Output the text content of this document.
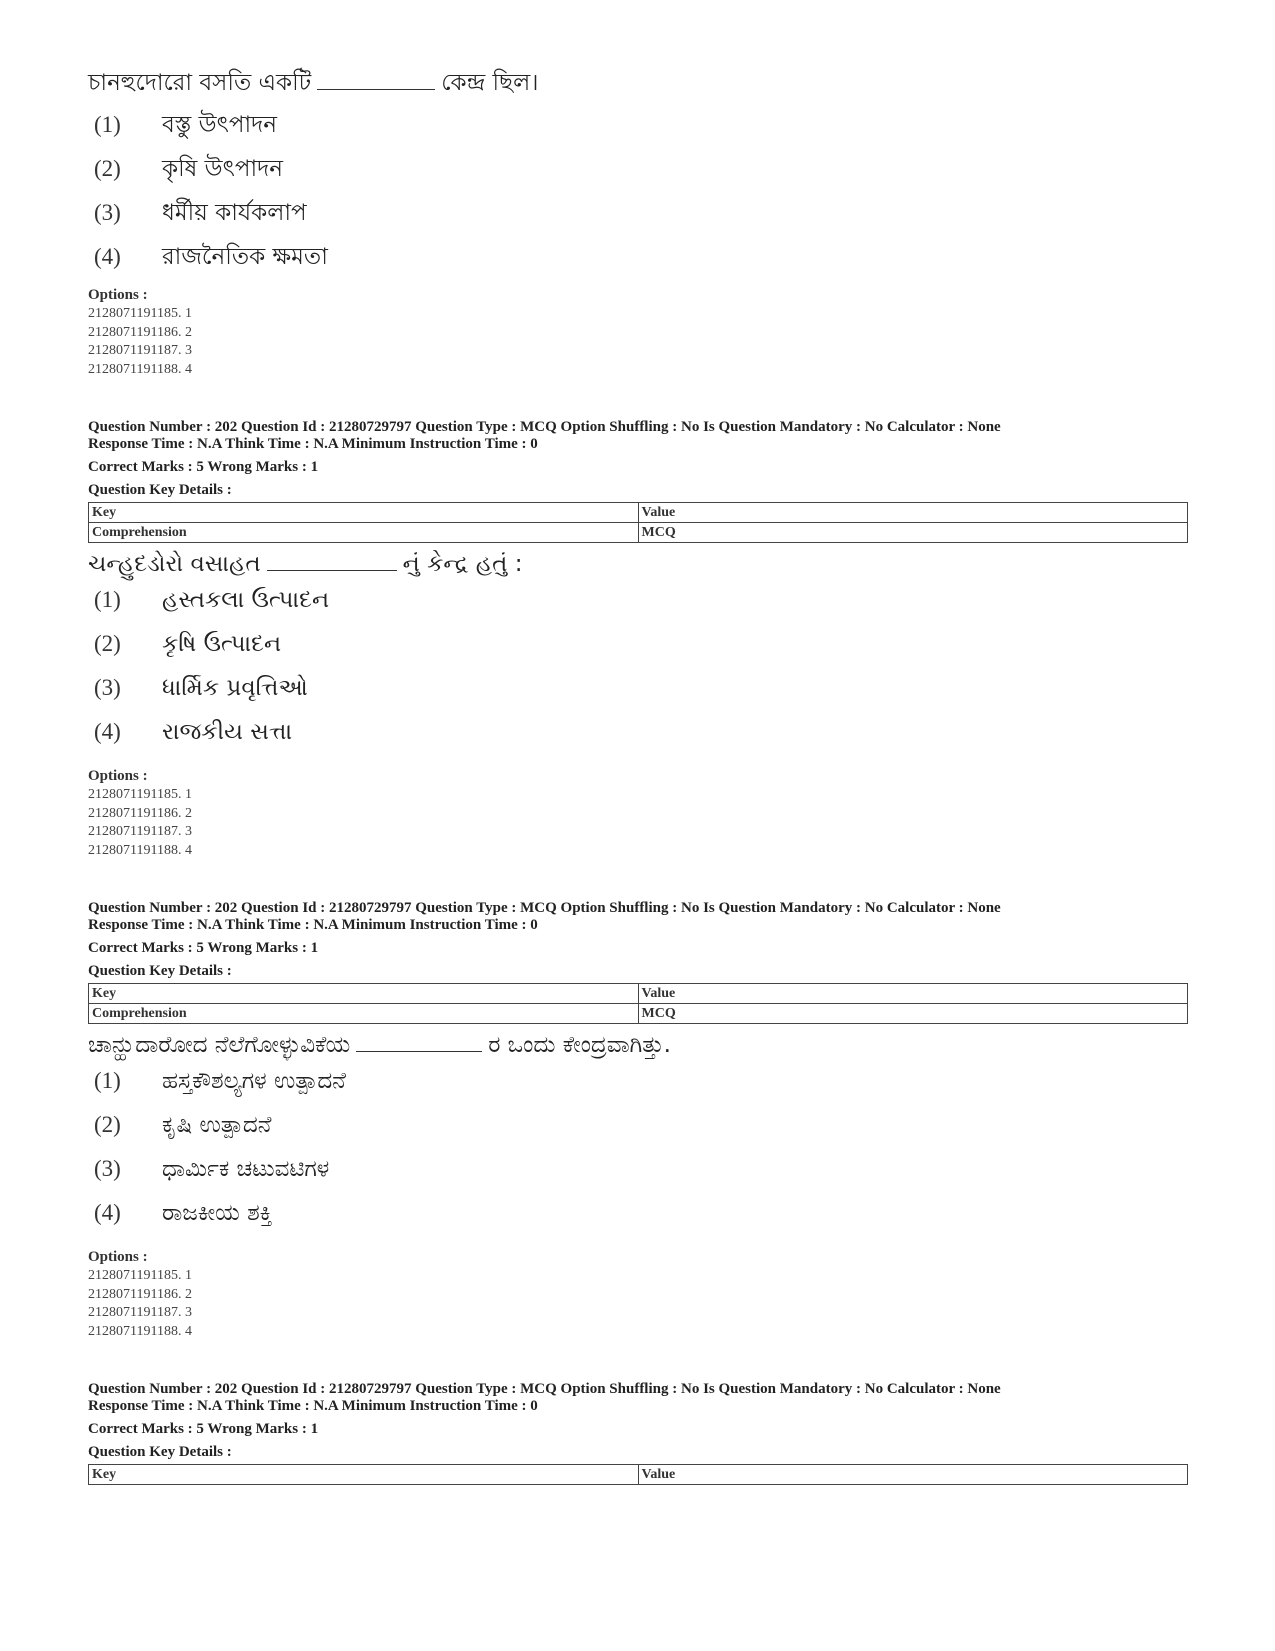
চানহুদোরো বসতি একটি	কেন্দ্র ছিল।
(1)	বস্তু উৎপাদন
(2)	কৃষি উৎপাদন
(3)	ধর্মীয় কার্যকলাপ
(4)	রাজনৈতিক ক্ষমতা
Options :
2128071191185. 1
2128071191186. 2
2128071191187. 3
2128071191188. 4
Question Number : 202 Question Id : 21280729797 Question Type : MCQ Option Shuffling : No Is Question Mandatory : No Calculator : None
Response Time : N.A Think Time : N.A Minimum Instruction Time : 0
Correct Marks : 5 Wrong Marks : 1
Question Key Details :
Key	Value
Comprehension	MCQ
ચન્હુદડોરો વસાહત	નું કેન્દ્ર હતું :
(1)	હસ્તકલા ઉત્પાદન
(2)	કૃષિ ઉત્પાદન
(3)	ધાર્મિક પ્રવૃત્તિઓ
(4)	રાજકીય સત્તા
Options :
2128071191185. 1
2128071191186. 2
2128071191187. 3
2128071191188. 4
Question Number : 202 Question Id : 21280729797 Question Type : MCQ Option Shuffling : No Is Question Mandatory : No Calculator : None
Response Time : N.A Think Time : N.A Minimum Instruction Time : 0
Correct Marks : 5 Wrong Marks : 1
Question Key Details :
Key	Value
Comprehension	MCQ
ಚಾನ್ಹುದಾರೋದ ನೆಲೆಗೋಳ್ಳುವಿಕೆಯ	ರ ಒಂದು ಕೇಂದ್ರವಾಗಿತ್ತು.
(1)	ಹಸ್ತಕೌಶಲ್ಯಗಳ ಉತ್ಪಾದನೆ
(2)	ಕೃಷಿ ಉತ್ಪಾದನೆ
(3)	ಧಾರ್ಮಿಕ ಚಟುವಟಿಗಳ
(4)	ರಾಜಕೀಯ ಶಕ್ತಿ
Options :
2128071191185. 1
2128071191186. 2
2128071191187. 3
2128071191188. 4
Question Number : 202 Question Id : 21280729797 Question Type : MCQ Option Shuffling : No Is Question Mandatory : No Calculator : None
Response Time : N.A Think Time : N.A Minimum Instruction Time : 0
Correct Marks : 5 Wrong Marks : 1
Question Key Details :
Key	Value
